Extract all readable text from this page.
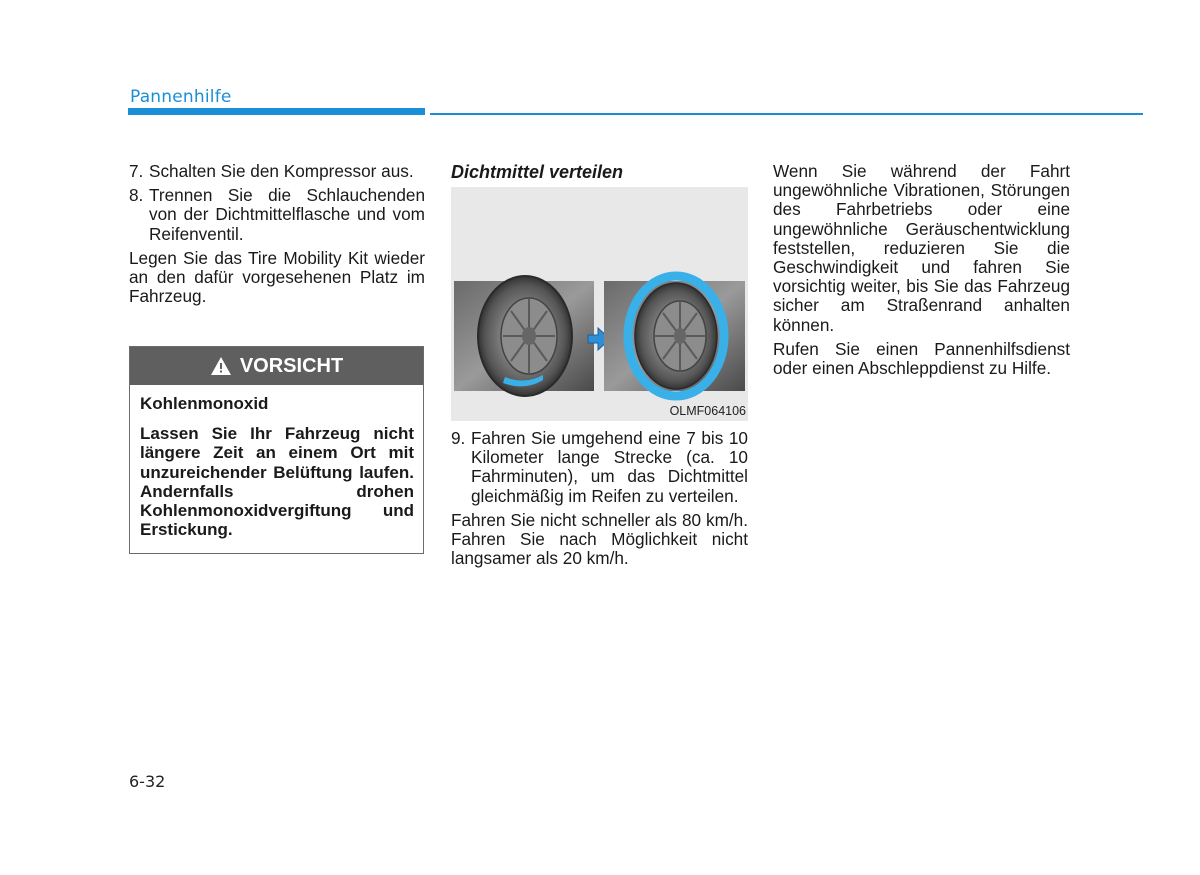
Pannenhilfe
7. Schalten Sie den Kompressor aus.
8. Trennen Sie die Schlauchenden von der Dichtmittelflasche und vom Reifenventil.

Legen Sie das Tire Mobility Kit wieder an den dafür vorgesehenen Platz im Fahrzeug.

VORSICHT

Kohlenmonoxid

Lassen Sie Ihr Fahrzeug nicht längere Zeit an einem Ort mit unzureichender Belüftung laufen. Andernfalls drohen Kohlenmonoxidvergiftung und Erstickung.

Dichtmittel verteilen

OLMF064106
9. Fahren Sie umgehend eine 7 bis 10 Kilometer lange Strecke (ca. 10 Fahrminuten), um das Dichtmittel gleichmäßig im Reifen zu verteilen.

Fahren Sie nicht schneller als 80 km/h. Fahren Sie nach Möglichkeit nicht langsamer als 20 km/h.

Wenn Sie während der Fahrt ungewöhnliche Vibrationen, Störungen des Fahrbetriebs oder eine ungewöhnliche Geräuschentwicklung feststellen, reduzieren Sie die Geschwindigkeit und fahren Sie vorsichtig weiter, bis Sie das Fahrzeug sicher am Straßenrand anhalten können.

Rufen Sie einen Pannenhilfsdienst oder einen Abschleppdienst zu Hilfe.

6-32
